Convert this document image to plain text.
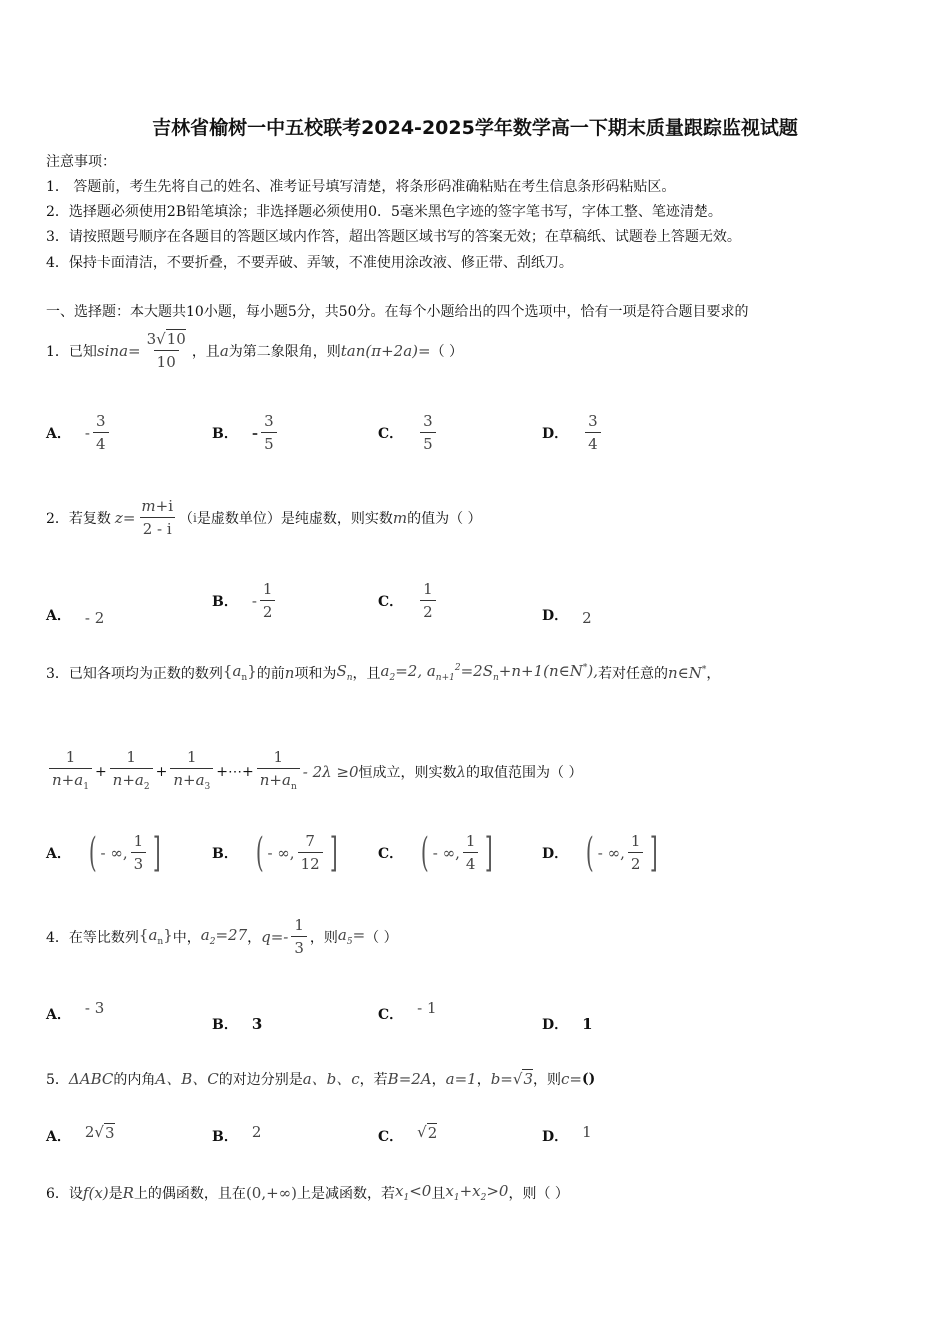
吉林省榆树一中五校联考2024-2025学年数学高一下期末质量跟踪监视试题
注意事项：
1． 答题前，考生先将自己的姓名、准考证号填写清楚，将条形码准确粘贴在考生信息条形码粘贴区。
2．选择题必须使用2B铅笔填涂；非选择题必须使用0．5毫米黑色字迹的签字笔书写，字体工整、笔迹清楚。
3．请按照题号顺序在各题目的答题区域内作答，超出答题区域书写的答案无效；在草稿纸、试题卷上答题无效。
4．保持卡面清洁，不要折叠，不要弄破、弄皱，不准使用涂改液、修正带、刮纸刀。
一、选择题：本大题共10小题，每小题5分，共50分。在每个小题给出的四个选项中，恰有一项是符合题目要求的
1．已知 $\sin a = \frac{3√10}{10}$ ，且 a 为第二象限角，则 tan(π+2a) = （ ）
A． - $\frac{3}{4}$	B． - $\frac{3}{5}$	C． $\frac{3}{5}$	D． $\frac{3}{4}$
2．若复数 $z = \frac{m+i}{2 - i}$ （ i 是虚数单位）是纯虚数，则实数 m 的值为（ ）
A． - 2
B． - $\frac{1}{2}$	C． $\frac{1}{2}$	D． 2
3．已知各项均为正数的数列 $\{a_n\}$ 的前 n 项和为 $S_n$ ，且 $a_2=2$, $a_{n+1}^2=2S_n+n+1(n\in N^*)$, 若对任意的 n∈N* ，
$\frac{1}{n+a_1} + \frac{1}{n+a_2} + \frac{1}{n+a_3}$ +⋯+ $\frac{1}{n+a_n} - 2\lambda \ge 0$ 恒成立，则实数 λ 的取值范围为（ ）
A． ( - ∞, $\frac{1}{3}$ ]	B． ( - ∞, $\frac{7}{12}$ ]	C． ( - ∞, $\frac{1}{4}$ ]	D． ( - ∞, $\frac{1}{2}$ ]
4．在等比数列 $\{a_n\}$ 中， $a_2=27$ ， $q=- \frac{1}{3}$ ，则 $a_5=$ （ ）
A． - 3
B． 3	C． - 1
D． 1
5． ΔABC 的内角 A、B、C 的对边分别是 a、b、c ，若 B=2A ， a=1 ， b=√3 ，则 c= ()
A． 2√ 3	B． 2	C． √ 2	D． 1
6．设 f(x) 是 R 上的偶函数，且在 (0,+∞) 上是减函数，若 $x_1<0$ 且 $x_1+x_2>0$ ，则（ ）
